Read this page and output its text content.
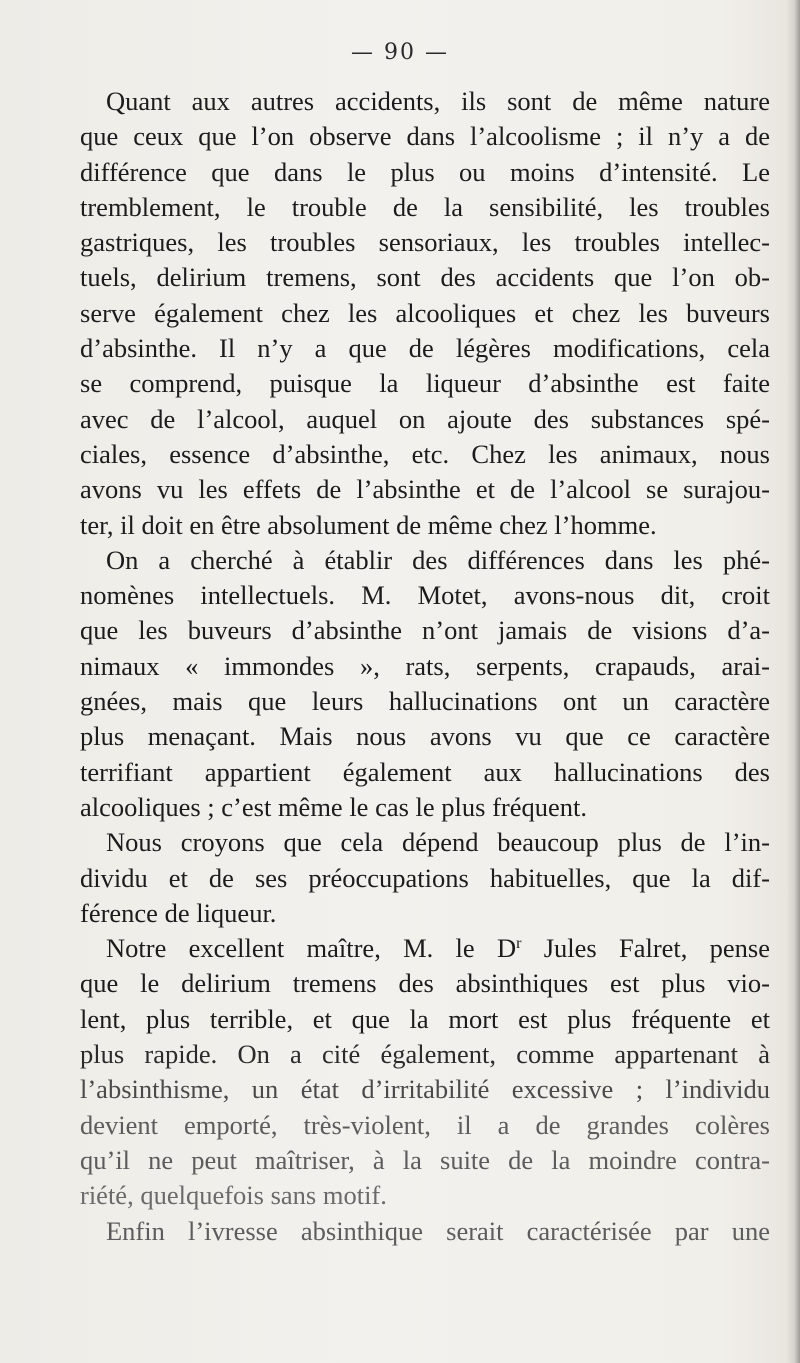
— 90 —
Quant aux autres accidents, ils sont de même nature
que ceux que l’on observe dans l’alcoolisme ; il n’y a de
différence que dans le plus ou moins d’intensité. Le
tremblement, le trouble de la sensibilité, les troubles
gastriques, les troubles sensoriaux, les troubles intellec-
tuels, delirium tremens, sont des accidents que l’on ob-
serve également chez les alcooliques et chez les buveurs
d’absinthe. Il n’y a que de légères modifications, cela
se comprend, puisque la liqueur d’absinthe est faite
avec de l’alcool, auquel on ajoute des substances spé-
ciales, essence d’absinthe, etc. Chez les animaux, nous
avons vu les effets de l’absinthe et de l’alcool se surajou-
ter, il doit en être absolument de même chez l’homme.
On a cherché à établir des différences dans les phé-
nomènes intellectuels. M. Motet, avons-nous dit, croit
que les buveurs d’absinthe n’ont jamais de visions d’a-
nimaux « immondes », rats, serpents, crapauds, arai-
gnées, mais que leurs hallucinations ont un caractère
plus menaçant. Mais nous avons vu que ce caractère
terrifiant appartient également aux hallucinations des
alcooliques ; c’est même le cas le plus fréquent.
Nous croyons que cela dépend beaucoup plus de l’in-
dividu et de ses préoccupations habituelles, que la dif-
férence de liqueur.
Notre excellent maître, M. le $D^r$ Jules Falret, pense
que le delirium tremens des absinthiques est plus vio-
lent, plus terrible, et que la mort est plus fréquente et
plus rapide. On a cité également, comme appartenant à
l’absinthisme, un état d’irritabilité excessive ; l’individu
devient emporté, très-violent, il a de grandes colères
qu’il ne peut maîtriser, à la suite de la moindre contra-
riété, quelquefois sans motif.
Enfin l’ivresse absinthique serait caractérisée par une
